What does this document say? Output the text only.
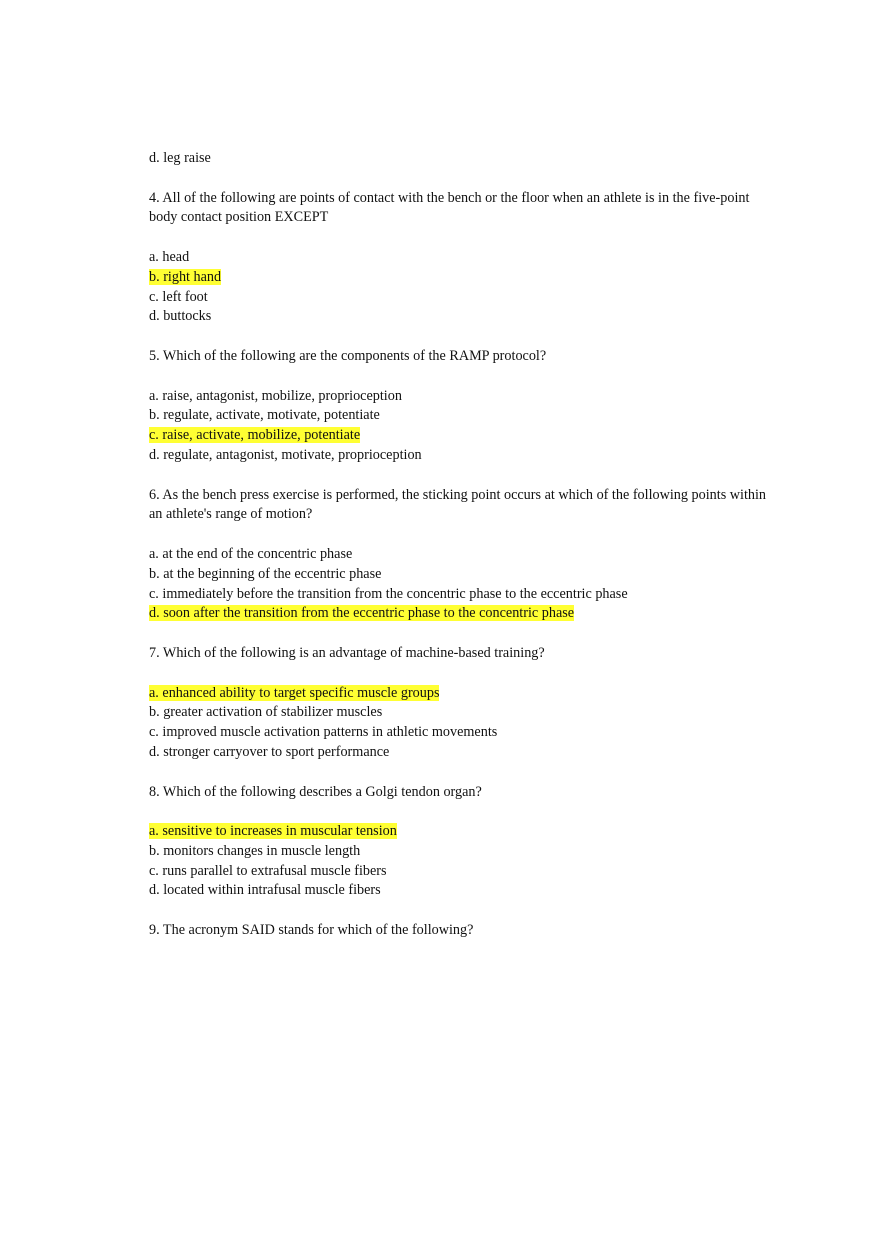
d. leg raise
4. All of the following are points of contact with the bench or the floor when an athlete is in the five-point body contact position EXCEPT
a. head
b. right hand
c. left foot
d. buttocks
5. Which of the following are the components of the RAMP protocol?
a. raise, antagonist, mobilize, proprioception
b. regulate, activate, motivate, potentiate
c. raise, activate, mobilize, potentiate
d. regulate, antagonist, motivate, proprioception
6. As the bench press exercise is performed, the sticking point occurs at which of the following points within an athlete's range of motion?
a. at the end of the concentric phase
b. at the beginning of the eccentric phase
c. immediately before the transition from the concentric phase to the eccentric phase
d. soon after the transition from the eccentric phase to the concentric phase
7. Which of the following is an advantage of machine-based training?
a. enhanced ability to target specific muscle groups
b. greater activation of stabilizer muscles
c. improved muscle activation patterns in athletic movements
d. stronger carryover to sport performance
8. Which of the following describes a Golgi tendon organ?
a. sensitive to increases in muscular tension
b. monitors changes in muscle length
c. runs parallel to extrafusal muscle fibers
d. located within intrafusal muscle fibers
9. The acronym SAID stands for which of the following?
